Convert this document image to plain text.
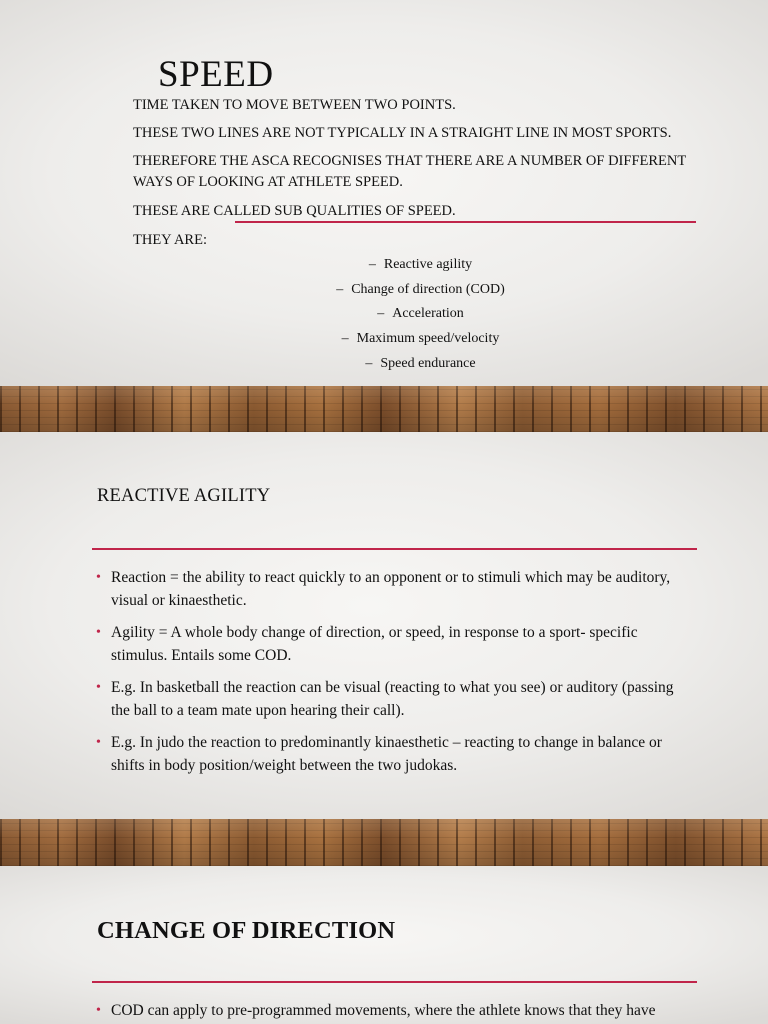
SPEED
TIME TAKEN TO MOVE BETWEEN TWO POINTS.
THESE TWO LINES ARE NOT TYPICALLY IN A STRAIGHT LINE IN MOST SPORTS.
THEREFORE THE ASCA RECOGNISES THAT THERE ARE A NUMBER OF DIFFERENT WAYS OF LOOKING AT ATHLETE SPEED.
THESE ARE CALLED SUB QUALITIES OF SPEED.
THEY ARE:
– Reactive agility
– Change of direction (COD)
– Acceleration
– Maximum speed/velocity
– Speed endurance
REACTIVE AGILITY
• Reaction = the ability to react quickly to an opponent or to stimuli which may be auditory, visual or kinaesthetic.
• Agility = A whole body change of direction, or speed, in response to a sport- specific stimulus. Entails some COD.
• E.g. In basketball the reaction can be visual (reacting to what you see) or auditory (passing the ball to a team mate upon hearing their call).
• E.g. In judo the reaction to predominantly kinaesthetic – reacting to change in balance or shifts in body position/weight between the two judokas.
CHANGE OF DIRECTION
• COD can apply to pre-programmed movements, where the athlete knows that they have
